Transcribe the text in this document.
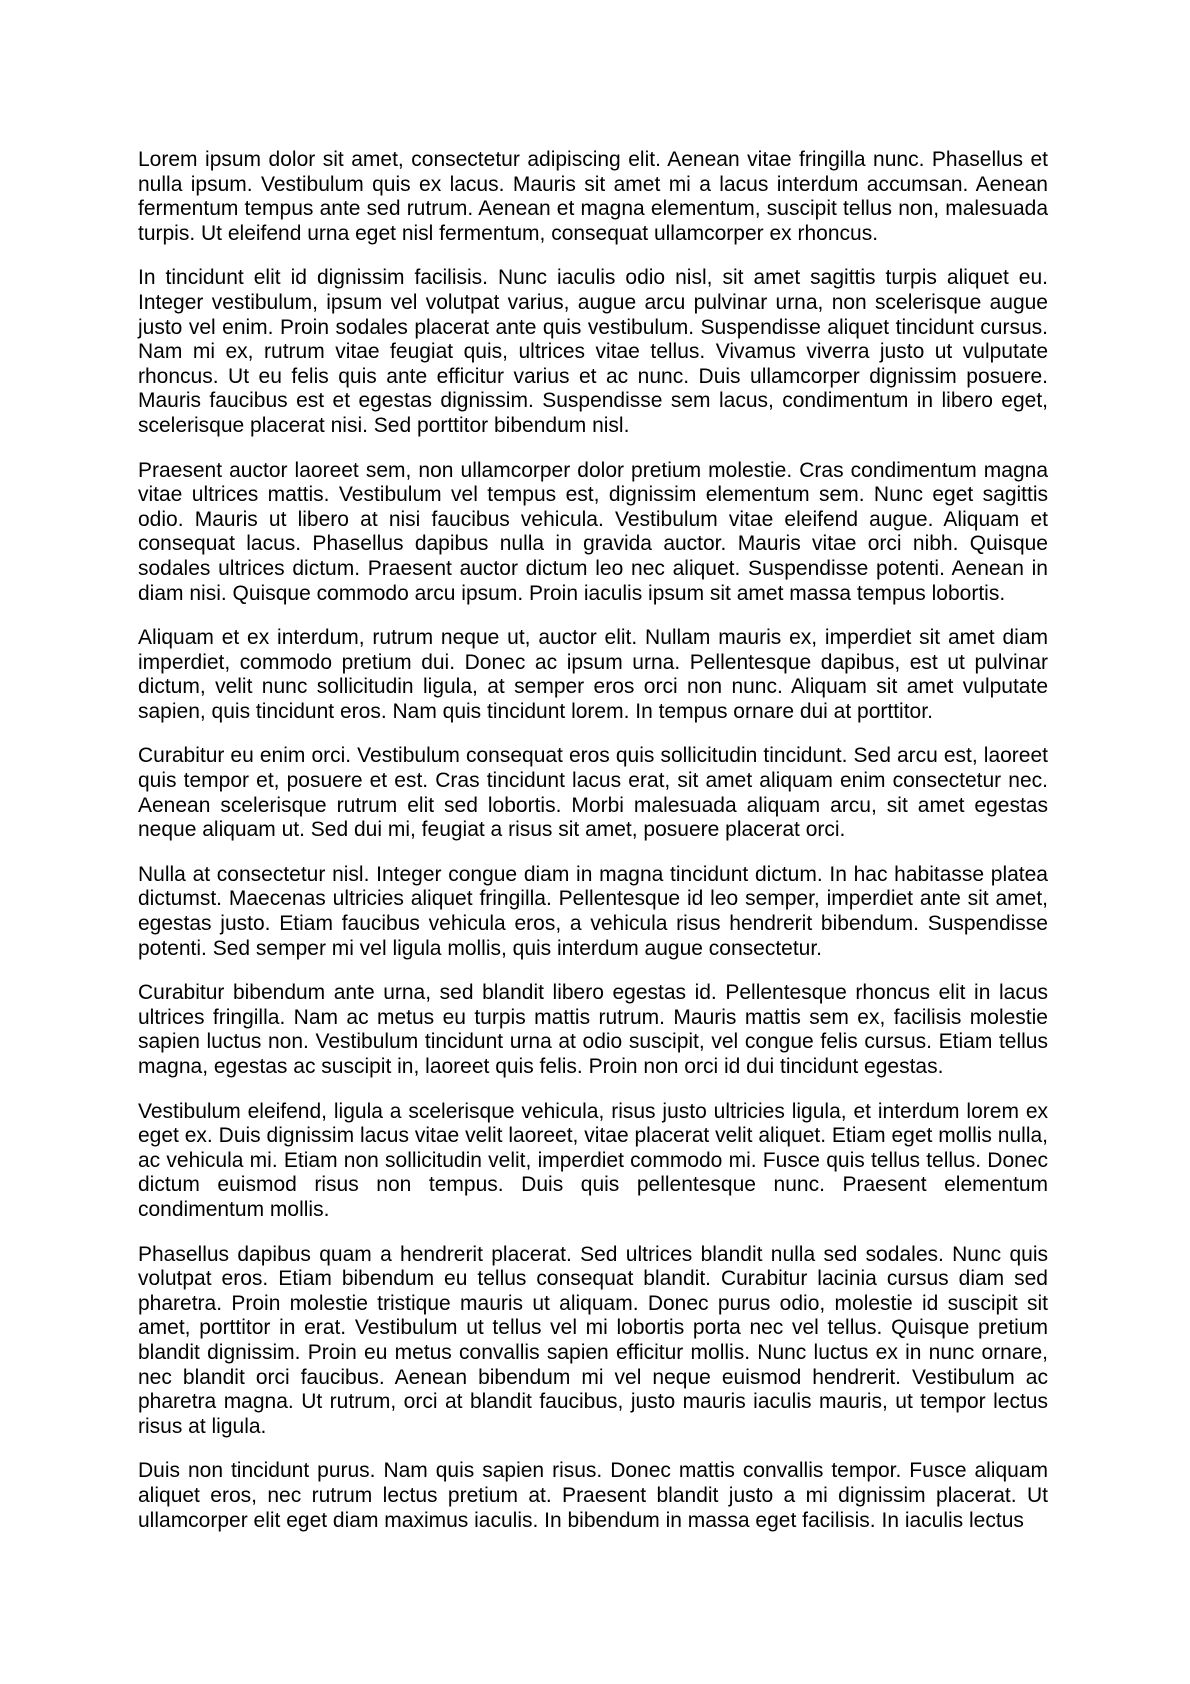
Lorem ipsum dolor sit amet, consectetur adipiscing elit. Aenean vitae fringilla nunc. Phasellus et nulla ipsum. Vestibulum quis ex lacus. Mauris sit amet mi a lacus interdum accumsan. Aenean fermentum tempus ante sed rutrum. Aenean et magna elementum, suscipit tellus non, malesuada turpis. Ut eleifend urna eget nisl fermentum, consequat ullamcorper ex rhoncus.

In tincidunt elit id dignissim facilisis. Nunc iaculis odio nisl, sit amet sagittis turpis aliquet eu. Integer vestibulum, ipsum vel volutpat varius, augue arcu pulvinar urna, non scelerisque augue justo vel enim. Proin sodales placerat ante quis vestibulum. Suspendisse aliquet tincidunt cursus. Nam mi ex, rutrum vitae feugiat quis, ultrices vitae tellus. Vivamus viverra justo ut vulputate rhoncus. Ut eu felis quis ante efficitur varius et ac nunc. Duis ullamcorper dignissim posuere. Mauris faucibus est et egestas dignissim. Suspendisse sem lacus, condimentum in libero eget, scelerisque placerat nisi. Sed porttitor bibendum nisl.

Praesent auctor laoreet sem, non ullamcorper dolor pretium molestie. Cras condimentum magna vitae ultrices mattis. Vestibulum vel tempus est, dignissim elementum sem. Nunc eget sagittis odio. Mauris ut libero at nisi faucibus vehicula. Vestibulum vitae eleifend augue. Aliquam et consequat lacus. Phasellus dapibus nulla in gravida auctor. Mauris vitae orci nibh. Quisque sodales ultrices dictum. Praesent auctor dictum leo nec aliquet. Suspendisse potenti. Aenean in diam nisi. Quisque commodo arcu ipsum. Proin iaculis ipsum sit amet massa tempus lobortis.

Aliquam et ex interdum, rutrum neque ut, auctor elit. Nullam mauris ex, imperdiet sit amet diam imperdiet, commodo pretium dui. Donec ac ipsum urna. Pellentesque dapibus, est ut pulvinar dictum, velit nunc sollicitudin ligula, at semper eros orci non nunc. Aliquam sit amet vulputate sapien, quis tincidunt eros. Nam quis tincidunt lorem. In tempus ornare dui at porttitor.

Curabitur eu enim orci. Vestibulum consequat eros quis sollicitudin tincidunt. Sed arcu est, laoreet quis tempor et, posuere et est. Cras tincidunt lacus erat, sit amet aliquam enim consectetur nec. Aenean scelerisque rutrum elit sed lobortis. Morbi malesuada aliquam arcu, sit amet egestas neque aliquam ut. Sed dui mi, feugiat a risus sit amet, posuere placerat orci.

Nulla at consectetur nisl. Integer congue diam in magna tincidunt dictum. In hac habitasse platea dictumst. Maecenas ultricies aliquet fringilla. Pellentesque id leo semper, imperdiet ante sit amet, egestas justo. Etiam faucibus vehicula eros, a vehicula risus hendrerit bibendum. Suspendisse potenti. Sed semper mi vel ligula mollis, quis interdum augue consectetur.

Curabitur bibendum ante urna, sed blandit libero egestas id. Pellentesque rhoncus elit in lacus ultrices fringilla. Nam ac metus eu turpis mattis rutrum. Mauris mattis sem ex, facilisis molestie sapien luctus non. Vestibulum tincidunt urna at odio suscipit, vel congue felis cursus. Etiam tellus magna, egestas ac suscipit in, laoreet quis felis. Proin non orci id dui tincidunt egestas.

Vestibulum eleifend, ligula a scelerisque vehicula, risus justo ultricies ligula, et interdum lorem ex eget ex. Duis dignissim lacus vitae velit laoreet, vitae placerat velit aliquet. Etiam eget mollis nulla, ac vehicula mi. Etiam non sollicitudin velit, imperdiet commodo mi. Fusce quis tellus tellus. Donec dictum euismod risus non tempus. Duis quis pellentesque nunc. Praesent elementum condimentum mollis.

Phasellus dapibus quam a hendrerit placerat. Sed ultrices blandit nulla sed sodales. Nunc quis volutpat eros. Etiam bibendum eu tellus consequat blandit. Curabitur lacinia cursus diam sed pharetra. Proin molestie tristique mauris ut aliquam. Donec purus odio, molestie id suscipit sit amet, porttitor in erat. Vestibulum ut tellus vel mi lobortis porta nec vel tellus. Quisque pretium blandit dignissim. Proin eu metus convallis sapien efficitur mollis. Nunc luctus ex in nunc ornare, nec blandit orci faucibus. Aenean bibendum mi vel neque euismod hendrerit. Vestibulum ac pharetra magna. Ut rutrum, orci at blandit faucibus, justo mauris iaculis mauris, ut tempor lectus risus at ligula.

Duis non tincidunt purus. Nam quis sapien risus. Donec mattis convallis tempor. Fusce aliquam aliquet eros, nec rutrum lectus pretium at. Praesent blandit justo a mi dignissim placerat. Ut ullamcorper elit eget diam maximus iaculis. In bibendum in massa eget facilisis. In iaculis lectus
